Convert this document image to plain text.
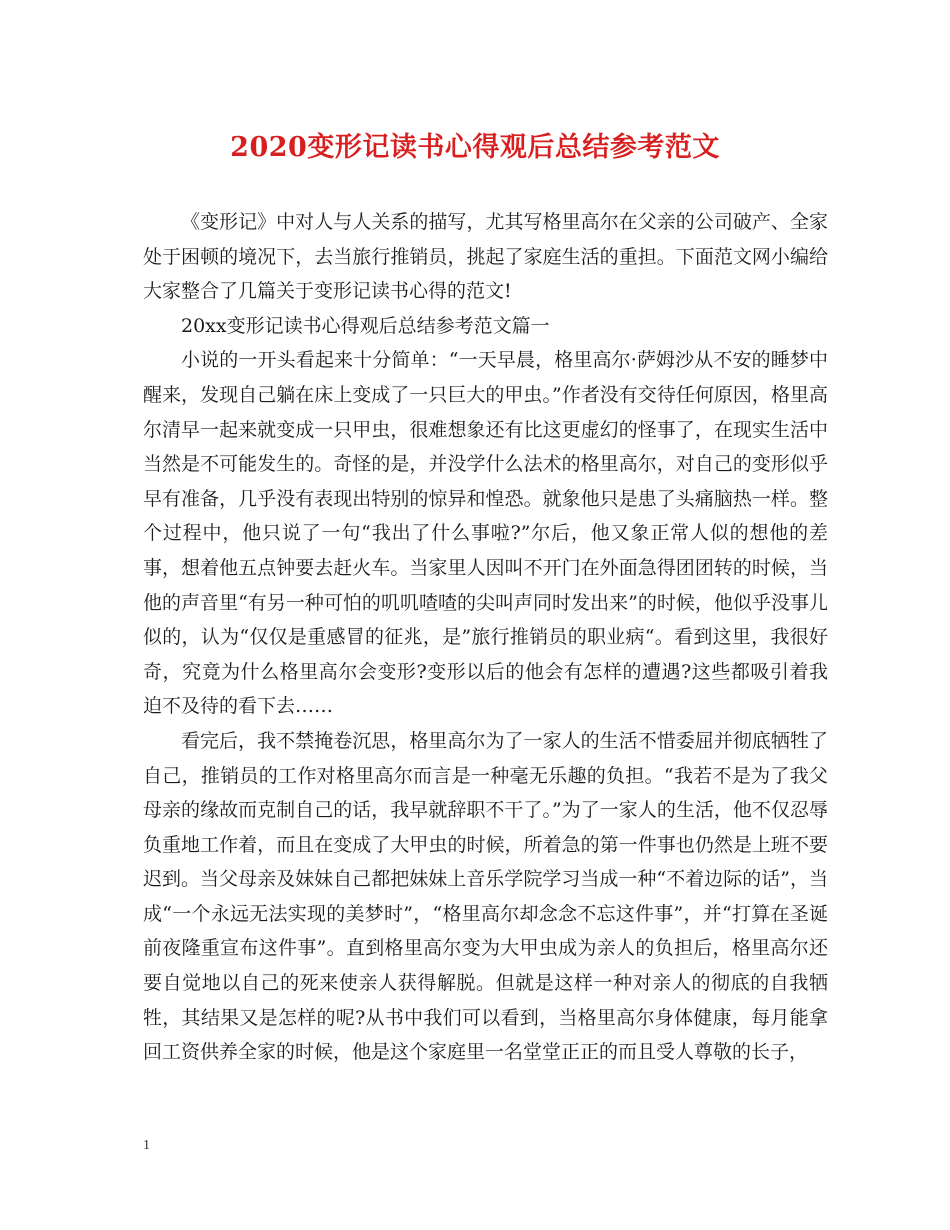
2020变形记读书心得观后总结参考范文

《变形记》中对人与人关系的描写，尤其写格里高尔在父亲的公司破产、全家处于困顿的境况下，去当旅行推销员，挑起了家庭生活的重担。下面范文网小编给大家整合了几篇关于变形记读书心得的范文!

20xx变形记读书心得观后总结参考范文篇一

小说的一开头看起来十分简单：“一天早晨，格里高尔·萨姆沙从不安的睡梦中醒来，发现自己躺在床上变成了一只巨大的甲虫。”作者没有交待任何原因，格里高尔清早一起来就变成一只甲虫，很难想象还有比这更虚幻的怪事了，在现实生活中当然是不可能发生的。奇怪的是，并没学什么法术的格里高尔，对自己的变形似乎早有准备，几乎没有表现出特别的惊异和惶恐。就象他只是患了头痛脑热一样。整个过程中，他只说了一句“我出了什么事啦?”尔后，他又象正常人似的想他的差事，想着他五点钟要去赶火车。当家里人因叫不开门在外面急得团团转的时候，当他的声音里“有另一种可怕的叽叽喳喳的尖叫声同时发出来”的时候，他似乎没事儿似的，认为“仅仅是重感冒的征兆，是”旅行推销员的职业病“。看到这里，我很好奇，究竟为什么格里高尔会变形?变形以后的他会有怎样的遭遇?这些都吸引着我迫不及待的看下去……

看完后，我不禁掩卷沉思，格里高尔为了一家人的生活不惜委屈并彻底牺牲了自己，推销员的工作对格里高尔而言是一种毫无乐趣的负担。“我若不是为了我父母亲的缘故而克制自己的话，我早就辞职不干了。”为了一家人的生活，他不仅忍辱负重地工作着，而且在变成了大甲虫的时候，所着急的第一件事也仍然是上班不要迟到。当父母亲及妹妹自己都把妹妹上音乐学院学习当成一种“不着边际的话”，当成“一个永远无法实现的美梦时”，“格里高尔却念念不忘这件事”，并“打算在圣诞前夜隆重宣布这件事”。直到格里高尔变为大甲虫成为亲人的负担后，格里高尔还要自觉地以自己的死来使亲人获得解脱。但就是这样一种对亲人的彻底的自我牺牲，其结果又是怎样的呢?从书中我们可以看到，当格里高尔身体健康，每月能拿回工资供养全家的时候，他是这个家庭里一名堂堂正正的而且受人尊敬的长子，

1
